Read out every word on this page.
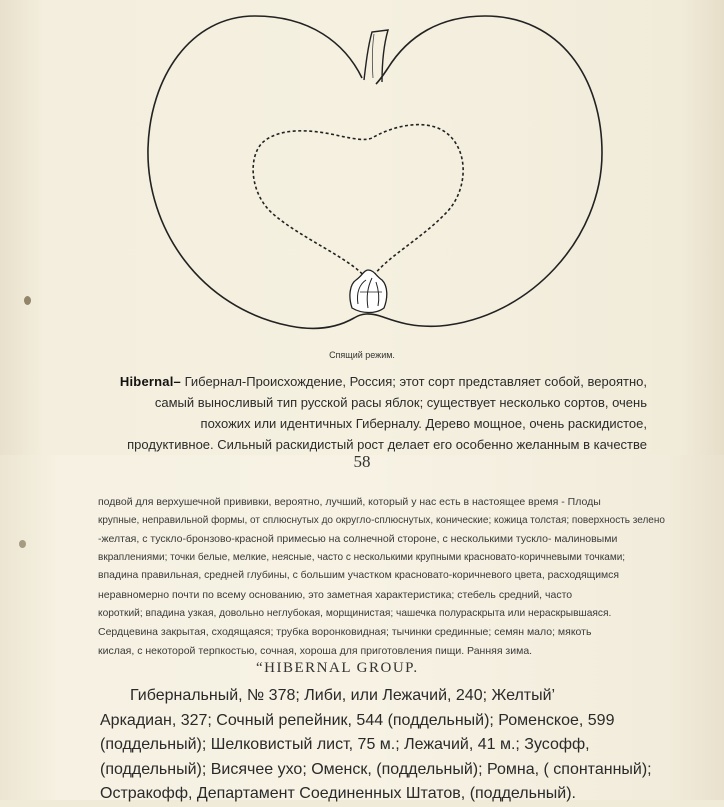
Спящий режим.
Hibernal– Гибернал-Происхождение, Россия; этот сорт представляет собой, вероятно,
самый выносливый тип русской расы яблок; существует несколько сортов, очень
похожих или идентичных Гиберналу. Дерево мощное, очень раскидистое,
продуктивное. Сильный раскидистый рост делает его особенно желанным в качестве
58
подвой для верхушечной прививки, вероятно, лучший, который у нас есть в настоящее время - Плоды
крупные, неправильной формы, от сплюснутых до округло-сплюснутых, конические; кожица толстая; поверхность зелено
-желтая, с тускло-бронзово-красной примесью на солнечной стороне, с несколькими тускло- малиновыми
вкраплениями; точки белые, мелкие, неясные, часто с несколькими крупными красновато-коричневыми точками;
впадина правильная, средней глубины, с большим участком красновато-коричневого цвета, расходящимся
неравномерно почти по всему основанию, это заметная характеристика; стебель средний, часто
короткий; впадина узкая, довольно неглубокая, морщинистая; чашечка полураскрыта или нераскрывшаяся.
Сердцевина закрытая, сходящаяся; трубка воронковидная; тычинки срединные; семян мало; мякоть
кислая, с некоторой терпкостью, сочная, хороша для приготовления пищи. Ранняя зима.
“HIBERNAL GROUP.
Гибернальный, № 378; Либи, или Лежачий, 240; Желтый’
Аркадиан, 327; Сочный репейник, 544 (поддельный); Роменское, 599
(поддельный); Шелковистый лист, 75 м.; Лежачий, 41 м.; Зусофф,
(поддельный); Висячее ухо; Оменск, (поддельный); Ромна, ( спонтанный);
Остракофф, Департамент Соединенных Штатов, (поддельный).
